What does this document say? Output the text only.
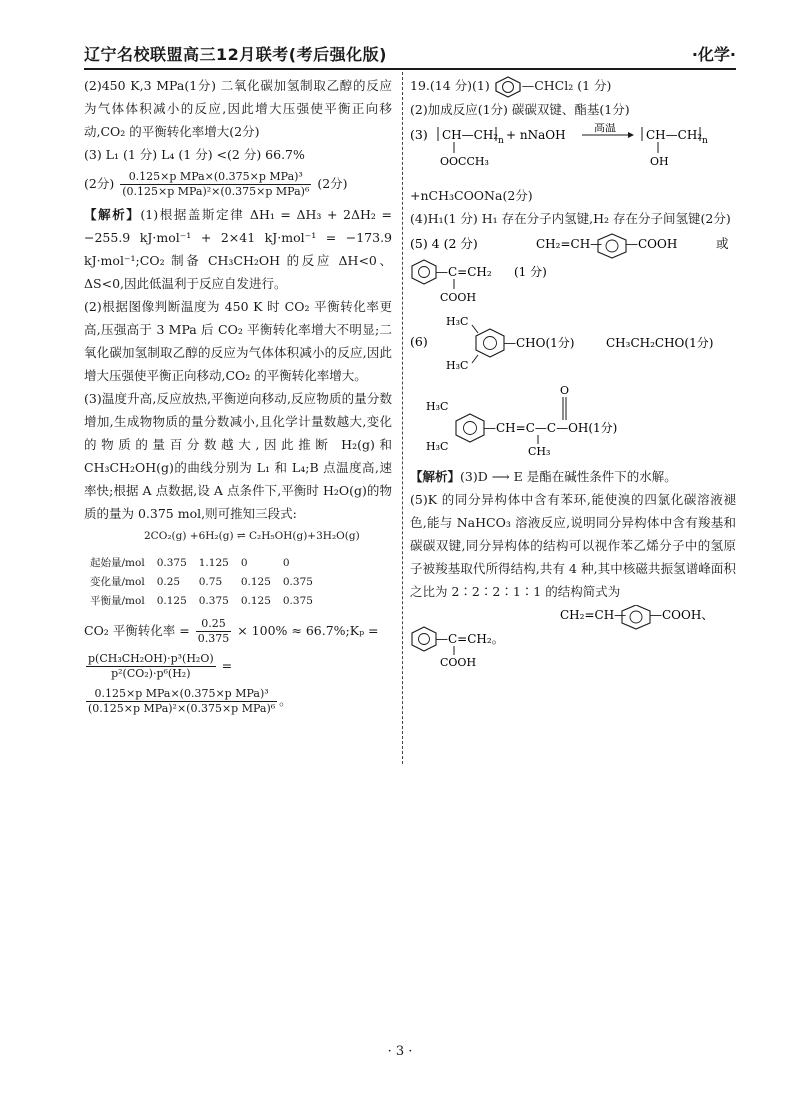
辽宁名校联盟高三12月联考(考后强化版)	·化学·

(2)450 K,3 MPa(1分) 二氧化碳加氢制取乙醇的反应为气体体积减小的反应,因此增大压强使平衡正向移动,CO₂ 的平衡转化率增大(2分)

(3) L₁ (1 分) L₄ (1 分) <(2 分) 66.7%

(2分) $\frac{\text{0.125×p MPa×(0.375×p MPa)³}}{\text{(0.125×p MPa)²×(0.375×p MPa)⁶}} (2$分)

【解析】(1)根据盖斯定律 ΔH₁ = ΔH₃ + 2ΔH₂ = −255.9 kJ·mol⁻¹ + 2×41 kJ·mol⁻¹ = −173.9 kJ·mol⁻¹;CO₂ 制备 CH₃CH₂OH 的反应 ΔH<0、ΔS<0,因此低温利于反应自发进行。

(2)根据图像判断温度为 450 K 时 CO₂ 平衡转化率更高,压强高于 3 MPa 后 CO₂ 平衡转化率增大不明显;二氧化碳加氢制取乙醇的反应为气体体积减小的反应,因此增大压强使平衡正向移动,CO₂ 的平衡转化率增大。

(3)温度升高,反应放热,平衡逆向移动,反应物质的量分数增加,生成物物质的量分数减小,且化学计量数越大,变化的物质的量百分数越大,因此推断 H₂(g)和 CH₃CH₂OH(g)的曲线分别为 L₁ 和 L₄;B 点温度高,速率快;根据 A 点数据,设 A 点条件下,平衡时 H₂O(g)的物质的量为 0.375 mol,则可推知三段式:

2CO₂(g) +6H₂(g) ⇌ C₂H₅OH(g)+3H₂O(g)
起始量/mol	0.375	1.125	0	0
变化量/mol	0.25	0.75	0.125	0.375
平衡量/mol	0.125	0.375	0.125	0.375

CO₂ 平衡转化率 = $\frac{0.25}{0.375} \times 100\%$ ≈ 66.7%;Kₚ =

$\frac{\text{p(CH₃CH₂OH)·p³(H₂O)}}{\text{p²(CO₂)·p⁶(H₂)}}$ =

$\frac{\text{0.125×p MPa×(0.375×p MPa)³}}{\text{(0.125×p MPa)²×(0.375×p MPa)⁶}}$ 。

19.(14 分)(1)	—CHCl₂ (1 分)

(2)加成反应(1分) 碳碳双键、酯基(1分)

(3) CH—CH₂ n
OOCCH₃
+ nNaOH
高温
CH—CH₂ n
OH

+nCH₃COONa(2分)

(4)H₁(1 分) H₁ 存在分子内氢键,H₂ 存在分子间氢键(2分)

(5) 4 (2 分)	CH₂=CH— —COOH	或
—C=CH₂ (1 分)
COOH
(6)
H₃C
H₃C
—CHO(1分)	CH₃CH₂CHO(1分)
H₃C
H₃C
—CH=C—C—OH(1分)
O
CH₃

【解析】(3)D ⟶ E 是酯在碱性条件下的水解。

(5)K 的同分异构体中含有苯环,能使溴的四氯化碳溶液褪色,能与 NaHCO₃ 溶液反应,说明同分异构体中含有羧基和碳碳双键,同分异构体的结构可以视作苯乙烯分子中的氢原子被羧基取代所得结构,共有 4 种,其中核磁共振氢谱峰面积之比为 2∶2∶2∶1∶1 的结构简式为

CH₂=CH— —COOH、
—C=CH₂。
COOH
· 3 ·
